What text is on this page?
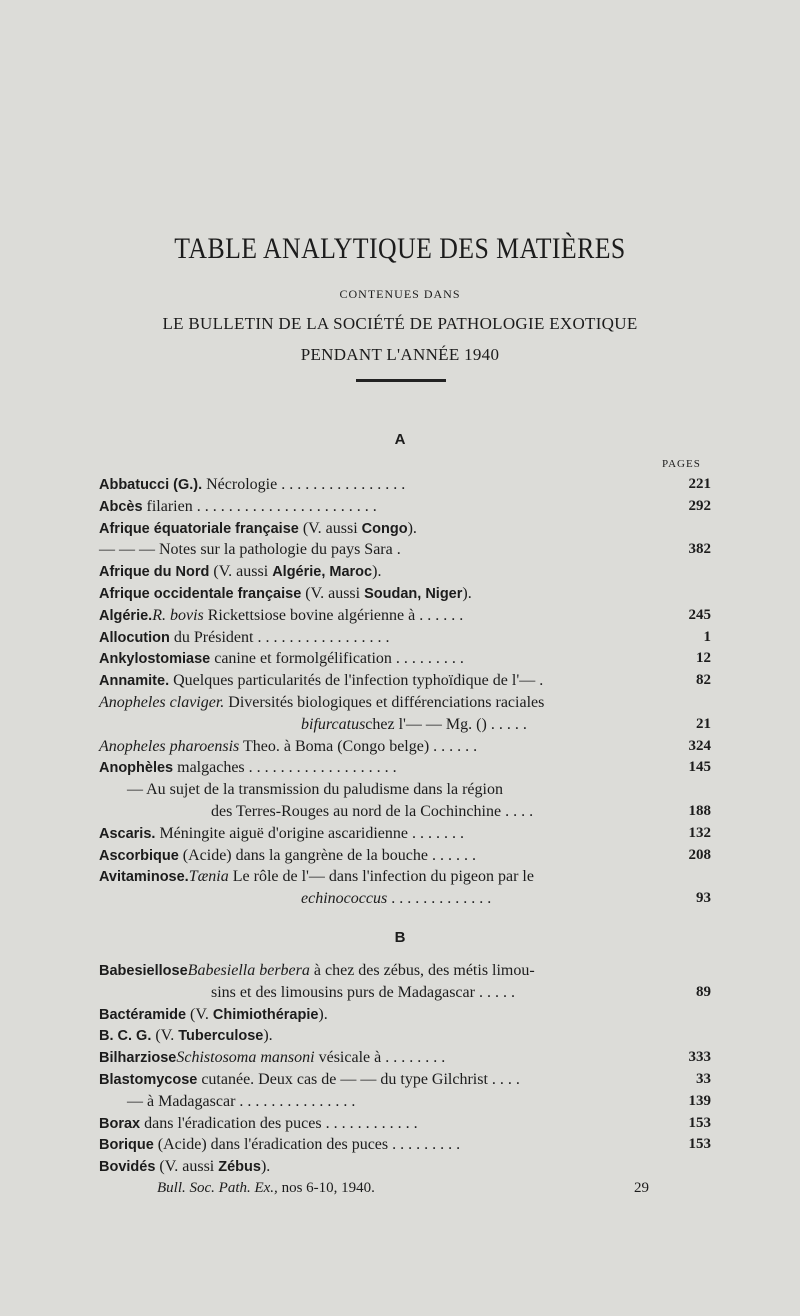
TABLE ANALYTIQUE DES MATIÈRES
CONTENUES DANS
LE BULLETIN DE LA SOCIÉTÉ DE PATHOLOGIE EXOTIQUE
PENDANT L'ANNÉE 1940
A
PAGES
Abbatucci (G.). Nécrologie . . . . . . . . . . . . . . . .	221
Abcès filarien . . . . . . . . . . . . . . . . . . . . . . .	292
Afrique équatoriale française (V. aussi Congo).
— — — Notes sur la pathologie du pays Sara .	382
Afrique du Nord (V. aussi Algérie, Maroc).
Afrique occidentale française (V. aussi Soudan, Niger).
Algérie.R. bovis Rickettsiose bovine algérienne à . . . . . .	245
Allocution du Président . . . . . . . . . . . . . . . . .	1
Ankylostomiase canine et formolgélification . . . . . . . . .	12
Annamite. Quelques particularités de l'infection typhoïdique de l'— .	82
Anopheles claviger. Diversités biologiques et différenciations raciales
bifurcatuschez l'— — Mg. () . . . . .	21
Anopheles pharoensis Theo. à Boma (Congo belge) . . . . . .	324
Anophèles malgaches . . . . . . . . . . . . . . . . . . .	145
— Au sujet de la transmission du paludisme dans la région
des Terres-Rouges au nord de la Cochinchine . . . .	188
Ascaris. Méningite aiguë d'origine ascaridienne . . . . . . .	132
Ascorbique (Acide) dans la gangrène de la bouche . . . . . .	208
Avitaminose.Tænia Le rôle de l'— dans l'infection du pigeon par le
echinococcus . . . . . . . . . . . . .	93
B
BabesielloseBabesiella berbera à chez des zébus, des métis limou-
sins et des limousins purs de Madagascar . . . . .	89
Bactéramide (V. Chimiothérapie).
B. C. G. (V. Tuberculose).
BilharzioseSchistosoma mansoni vésicale à . . . . . . . .	333
Blastomycose cutanée. Deux cas de — — du type Gilchrist . . . .	33
— à Madagascar . . . . . . . . . . . . . . .	139
Borax dans l'éradication des puces . . . . . . . . . . . .	153
Borique (Acide) dans l'éradication des puces . . . . . . . . .	153
Bovidés (V. aussi Zébus).
Bull. Soc. Path. Ex., nos 6-10, 1940.	29
